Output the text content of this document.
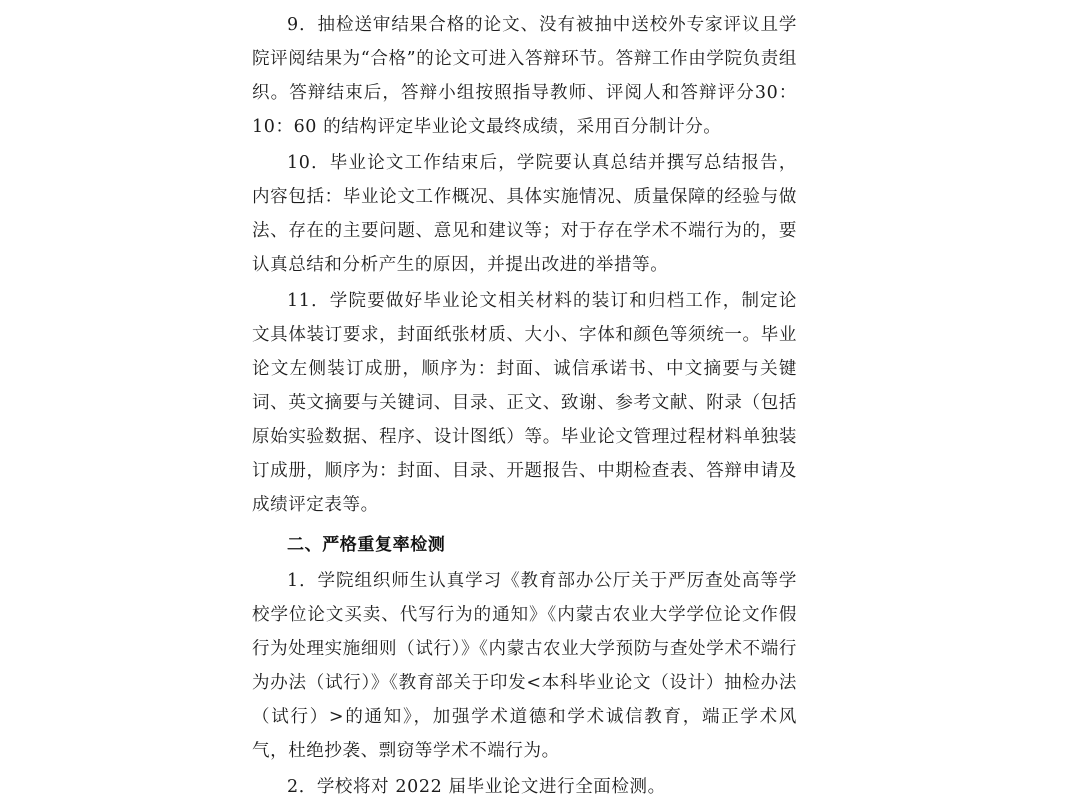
9．抽检送审结果合格的论文、没有被抽中送校外专家评议且学院评阅结果为“合格”的论文可进入答辩环节。答辩工作由学院负责组织。答辩结束后，答辩小组按照指导教师、评阅人和答辩评分30：10：60 的结构评定毕业论文最终成绩，采用百分制计分。

10．毕业论文工作结束后，学院要认真总结并撰写总结报告，内容包括：毕业论文工作概况、具体实施情况、质量保障的经验与做法、存在的主要问题、意见和建议等；对于存在学术不端行为的，要认真总结和分析产生的原因，并提出改进的举措等。

11．学院要做好毕业论文相关材料的装订和归档工作，制定论文具体装订要求，封面纸张材质、大小、字体和颜色等须统一。毕业论文左侧装订成册，顺序为：封面、诚信承诺书、中文摘要与关键词、英文摘要与关键词、目录、正文、致谢、参考文献、附录（包括原始实验数据、程序、设计图纸）等。毕业论文管理过程材料单独装订成册，顺序为：封面、目录、开题报告、中期检查表、答辩申请及成绩评定表等。

二、严格重复率检测

1．学院组织师生认真学习《教育部办公厅关于严厉查处高等学校学位论文买卖、代写行为的通知》《内蒙古农业大学学位论文作假行为处理实施细则（试行）》《内蒙古农业大学预防与查处学术不端行为办法（试行）》《教育部关于印发<本科毕业论文（设计）抽检办法（试行）>的通知》，加强学术道德和学术诚信教育，端正学术风气，杜绝抄袭、剽窃等学术不端行为。

2．学校将对 2022 届毕业论文进行全面检测。
